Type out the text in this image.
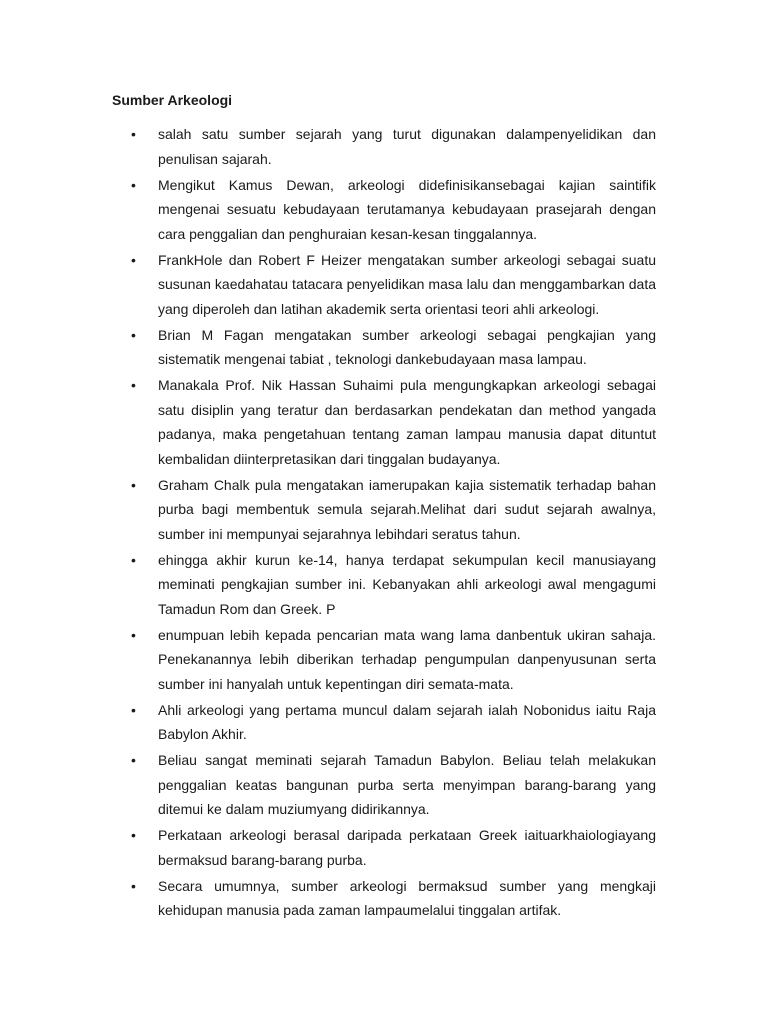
Sumber Arkeologi
• salah satu sumber sejarah yang turut digunakan dalampenyelidikan dan penulisan sajarah.
• Mengikut Kamus Dewan, arkeologi didefinisikansebagai kajian saintifik mengenai sesuatu kebudayaan terutamanya kebudayaan prasejarah dengan cara penggalian dan penghuraian kesan-kesan tinggalannya.
• FrankHole dan Robert F Heizer mengatakan sumber arkeologi sebagai suatu susunan kaedahatau tatacara penyelidikan masa lalu dan menggambarkan data yang diperoleh dan latihan akademik serta orientasi teori ahli arkeologi.
• Brian M Fagan mengatakan sumber arkeologi sebagai pengkajian yang sistematik mengenai tabiat , teknologi dankebudayaan masa lampau.
• Manakala Prof. Nik Hassan Suhaimi pula mengungkapkan arkeologi sebagai satu disiplin yang teratur dan berdasarkan pendekatan dan method yangada padanya, maka pengetahuan tentang zaman lampau manusia dapat dituntut kembalidan diinterpretasikan dari tinggalan budayanya.
• Graham Chalk pula mengatakan iamerupakan kajia sistematik terhadap bahan purba bagi membentuk semula sejarah.Melihat dari sudut sejarah awalnya, sumber ini mempunyai sejarahnya lebihdari seratus tahun.
• ehingga akhir kurun ke-14, hanya terdapat sekumpulan kecil manusiayang meminati pengkajian sumber ini. Kebanyakan ahli arkeologi awal mengagumi Tamadun Rom dan Greek. P
• enumpuan lebih kepada pencarian mata wang lama danbentuk ukiran sahaja. Penekanannya lebih diberikan terhadap pengumpulan danpenyusunan serta sumber ini hanyalah untuk kepentingan diri semata-mata.
• Ahli arkeologi yang pertama muncul dalam sejarah ialah Nobonidus iaitu Raja Babylon Akhir.
• Beliau sangat meminati sejarah Tamadun Babylon. Beliau telah melakukan penggalian keatas bangunan purba serta menyimpan barang-barang yang ditemui ke dalam muziumyang didirikannya.
• Perkataan arkeologi berasal daripada perkataan Greek iaituarkhaiologiayang bermaksud barang-barang purba.
• Secara umumnya, sumber arkeologi bermaksud sumber yang mengkaji kehidupan manusia pada zaman lampaumelalui tinggalan artifak.
